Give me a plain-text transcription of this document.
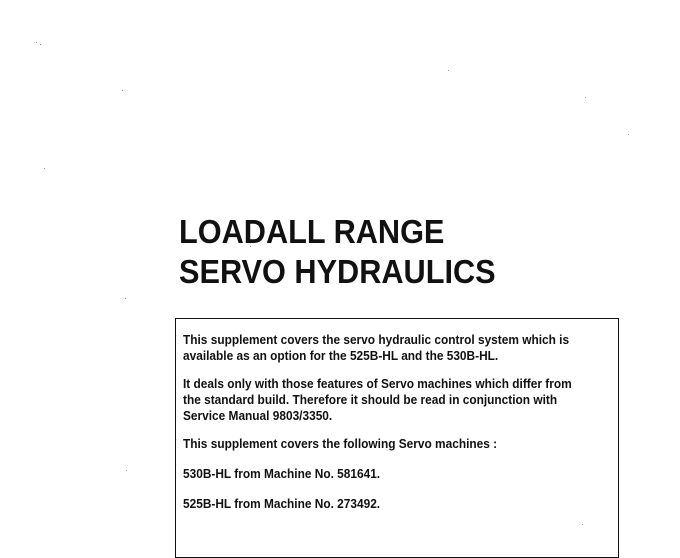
LOADALL RANGE
SERVO HYDRAULICS
This supplement covers the servo hydraulic control system which is
available as an option for the 525B-HL and the 530B-HL.
It deals only with those features of Servo machines which differ from
the standard build. Therefore it should be read in conjunction with
Service Manual 9803/3350.
This supplement covers the following Servo machines :
530B-HL from Machine No. 581641.
525B-HL from Machine No. 273492.
